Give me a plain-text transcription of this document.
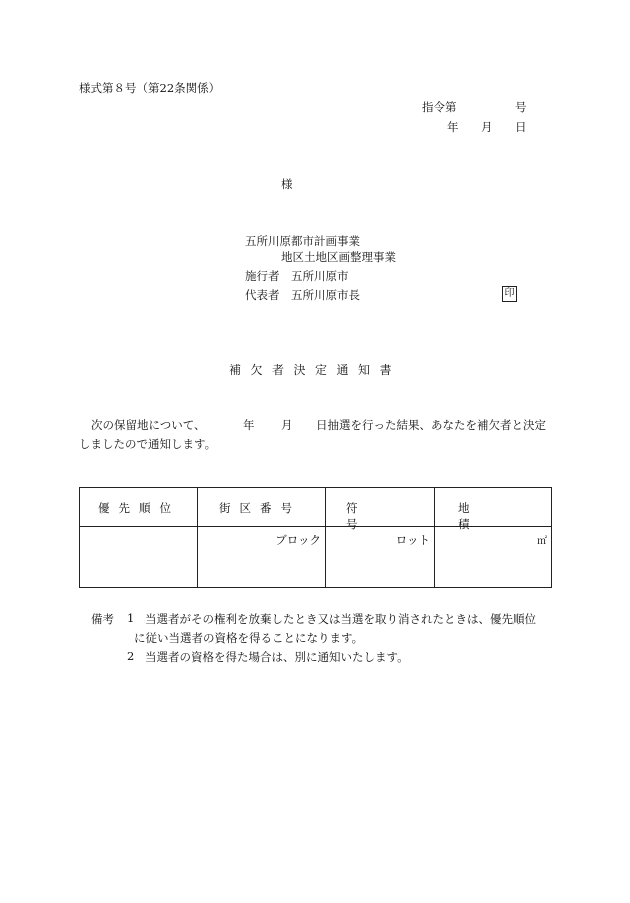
様式第８号（第22条関係）
指令第	号
年 月 日
様
五所川原都市計画事業
地区土地区画整理事業
施行者 五所川原市
代表者 五所川原市長	印
補欠者決定通知書
次の保留地について、	年 月 日抽選を行った結果、あなたを補欠者と決定
しましたので通知します。
優先順位	街区番号	符号	地積

	ブロック	ロット	㎡
備考 1 当選者がその権利を放棄したとき又は当選を取り消されたときは、優先順位
に従い当選者の資格を得ることになります。
2 当選者の資格を得た場合は、別に通知いたします。
